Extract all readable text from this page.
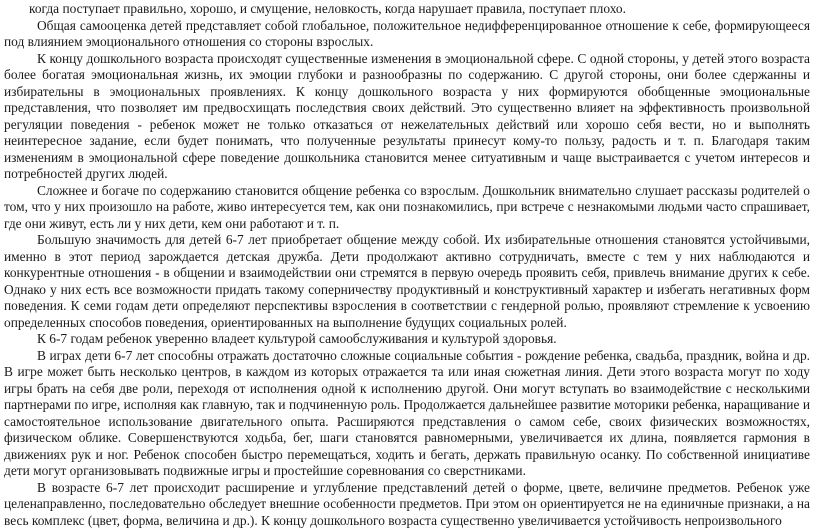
когда поступает правильно, хорошо, и смущение, неловкость, когда нарушает правила, поступает плохо.

Общая самооценка детей представляет собой глобальное, положительное недифференцированное отношение к себе, формирующееся под влиянием эмоционального отношения со стороны взрослых.

К концу дошкольного возраста происходят существенные изменения в эмоциональной сфере. С одной стороны, у детей этого возраста более богатая эмоциональная жизнь, их эмоции глубоки и разнообразны по содержанию. С другой стороны, они более сдержанны и избирательны в эмоциональных проявлениях. К концу дошкольного возраста у них формируются обобщенные эмоциональные представления, что позволяет им предвосхищать последствия своих действий. Это существенно влияет на эффективность произвольной регуляции поведения - ребенок может не только отказаться от нежелательных действий или хорошо себя вести, но и выполнять неинтересное задание, если будет понимать, что полученные результаты принесут кому-то пользу, радость и т. п. Благодаря таким изменениям в эмоциональной сфере поведение дошкольника становится менее ситуативным и чаще выстраивается с учетом интересов и потребностей других людей.

Сложнее и богаче по содержанию становится общение ребенка со взрослым. Дошкольник внимательно слушает рассказы родителей о том, что у них произошло на работе, живо интересуется тем, как они познакомились, при встрече с незнакомыми людьми часто спрашивает, где они живут, есть ли у них дети, кем они работают и т. п.

Большую значимость для детей 6-7 лет приобретает общение между собой. Их избирательные отношения становятся устойчивыми, именно в этот период зарождается детская дружба. Дети продолжают активно сотрудничать, вместе с тем у них наблюдаются и конкурентные отношения - в общении и взаимодействии они стремятся в первую очередь проявить себя, привлечь внимание других к себе. Однако у них есть все возможности придать такому соперничеству продуктивный и конструктивный характер и избегать негативных форм поведения. К семи годам дети определяют перспективы взросления в соответствии с гендерной ролью, проявляют стремление к усвоению определенных способов поведения, ориентированных на выполнение будущих социальных ролей.

К 6-7 годам ребенок уверенно владеет культурой самообслуживания и культурой здоровья.

В играх дети 6-7 лет способны отражать достаточно сложные социальные события - рождение ребенка, свадьба, праздник, война и др. В игре может быть несколько центров, в каждом из которых отражается та или иная сюжетная линия. Дети этого возраста могут по ходу игры брать на себя две роли, переходя от исполнения одной к исполнению другой. Они могут вступать во взаимодействие с несколькими партнерами по игре, исполняя как главную, так и подчиненную роль. Продолжается дальнейшее развитие моторики ребенка, наращивание и самостоятельное использование двигательного опыта. Расширяются представления о самом себе, своих физических возможностях, физическом облике. Совершенствуются ходьба, бег, шаги становятся равномерными, увеличивается их длина, появляется гармония в движениях рук и ног. Ребенок способен быстро перемещаться, ходить и бегать, держать правильную осанку. По собственной инициативе дети могут организовывать подвижные игры и простейшие соревнования со сверстниками.

В возрасте 6-7 лет происходит расширение и углубление представлений детей о форме, цвете, величине предметов. Ребенок уже целенаправленно, последовательно обследует внешние особенности предметов. При этом он ориентируется не на единичные признаки, а на весь комплекс (цвет, форма, величина и др.). К концу дошкольного возраста существенно увеличивается устойчивость непроизвольного
